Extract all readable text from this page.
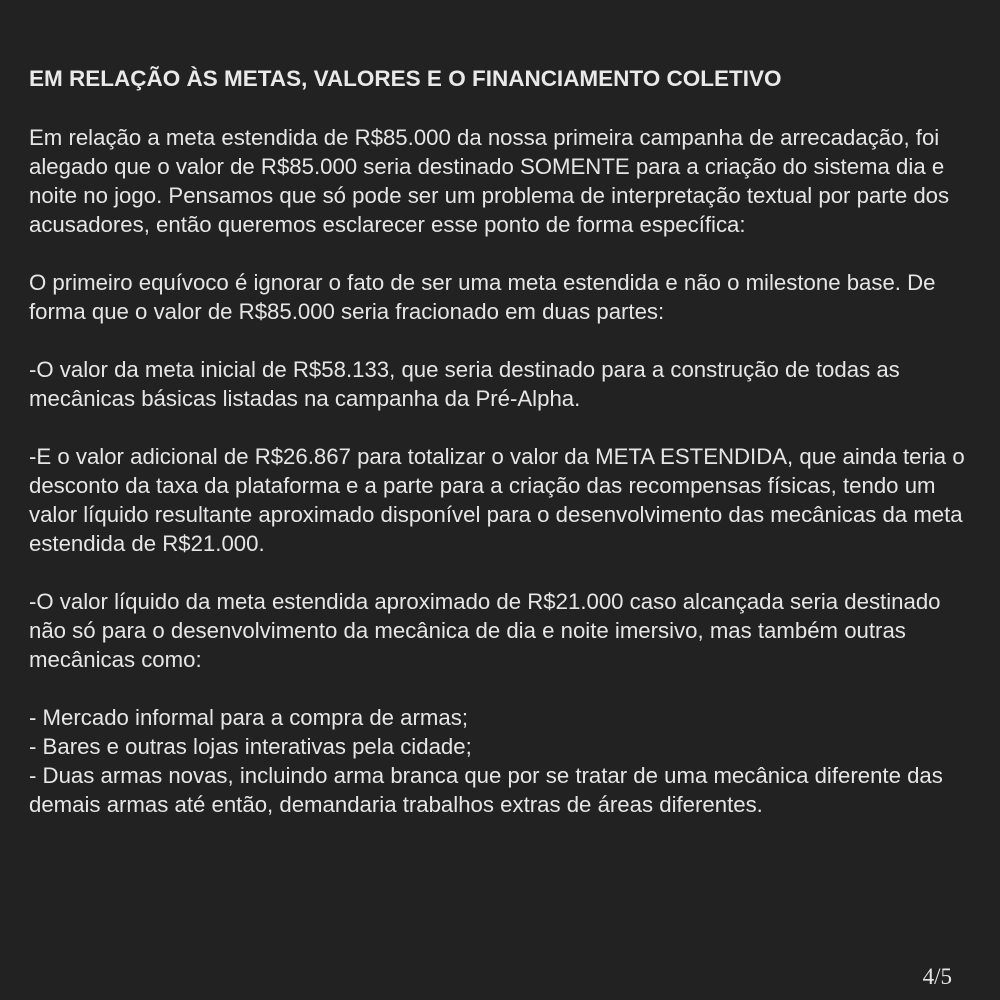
EM RELAÇÃO ÀS METAS, VALORES E O FINANCIAMENTO COLETIVO

Em relação a meta estendida de R$85.000 da nossa primeira campanha de arrecadação, foi alegado que o valor de R$85.000 seria destinado SOMENTE para a criação do sistema dia e noite no jogo. Pensamos que só pode ser um problema de interpretação textual por parte dos acusadores, então queremos esclarecer esse ponto de forma específica:

O primeiro equívoco é ignorar o fato de ser uma meta estendida e não o milestone base. De forma que o valor de R$85.000 seria fracionado em duas partes:

-O valor da meta inicial de R$58.133, que seria destinado para a construção de todas as mecânicas básicas listadas na campanha da Pré-Alpha.

-E o valor adicional de R$26.867 para totalizar o valor da META ESTENDIDA, que ainda teria o desconto da taxa da plataforma e a parte para a criação das recompensas físicas, tendo um valor líquido resultante aproximado disponível para o desenvolvimento das mecânicas da meta estendida de R$21.000.

-O valor líquido da meta estendida aproximado de R$21.000 caso alcançada seria destinado não só para o desenvolvimento da mecânica de dia e noite imersivo, mas também outras mecânicas como:

- Mercado informal para a compra de armas;
- Bares e outras lojas interativas pela cidade;
- Duas armas novas, incluindo arma branca que por se tratar de uma mecânica diferente das demais armas até então, demandaria trabalhos extras de áreas diferentes.
4/5
